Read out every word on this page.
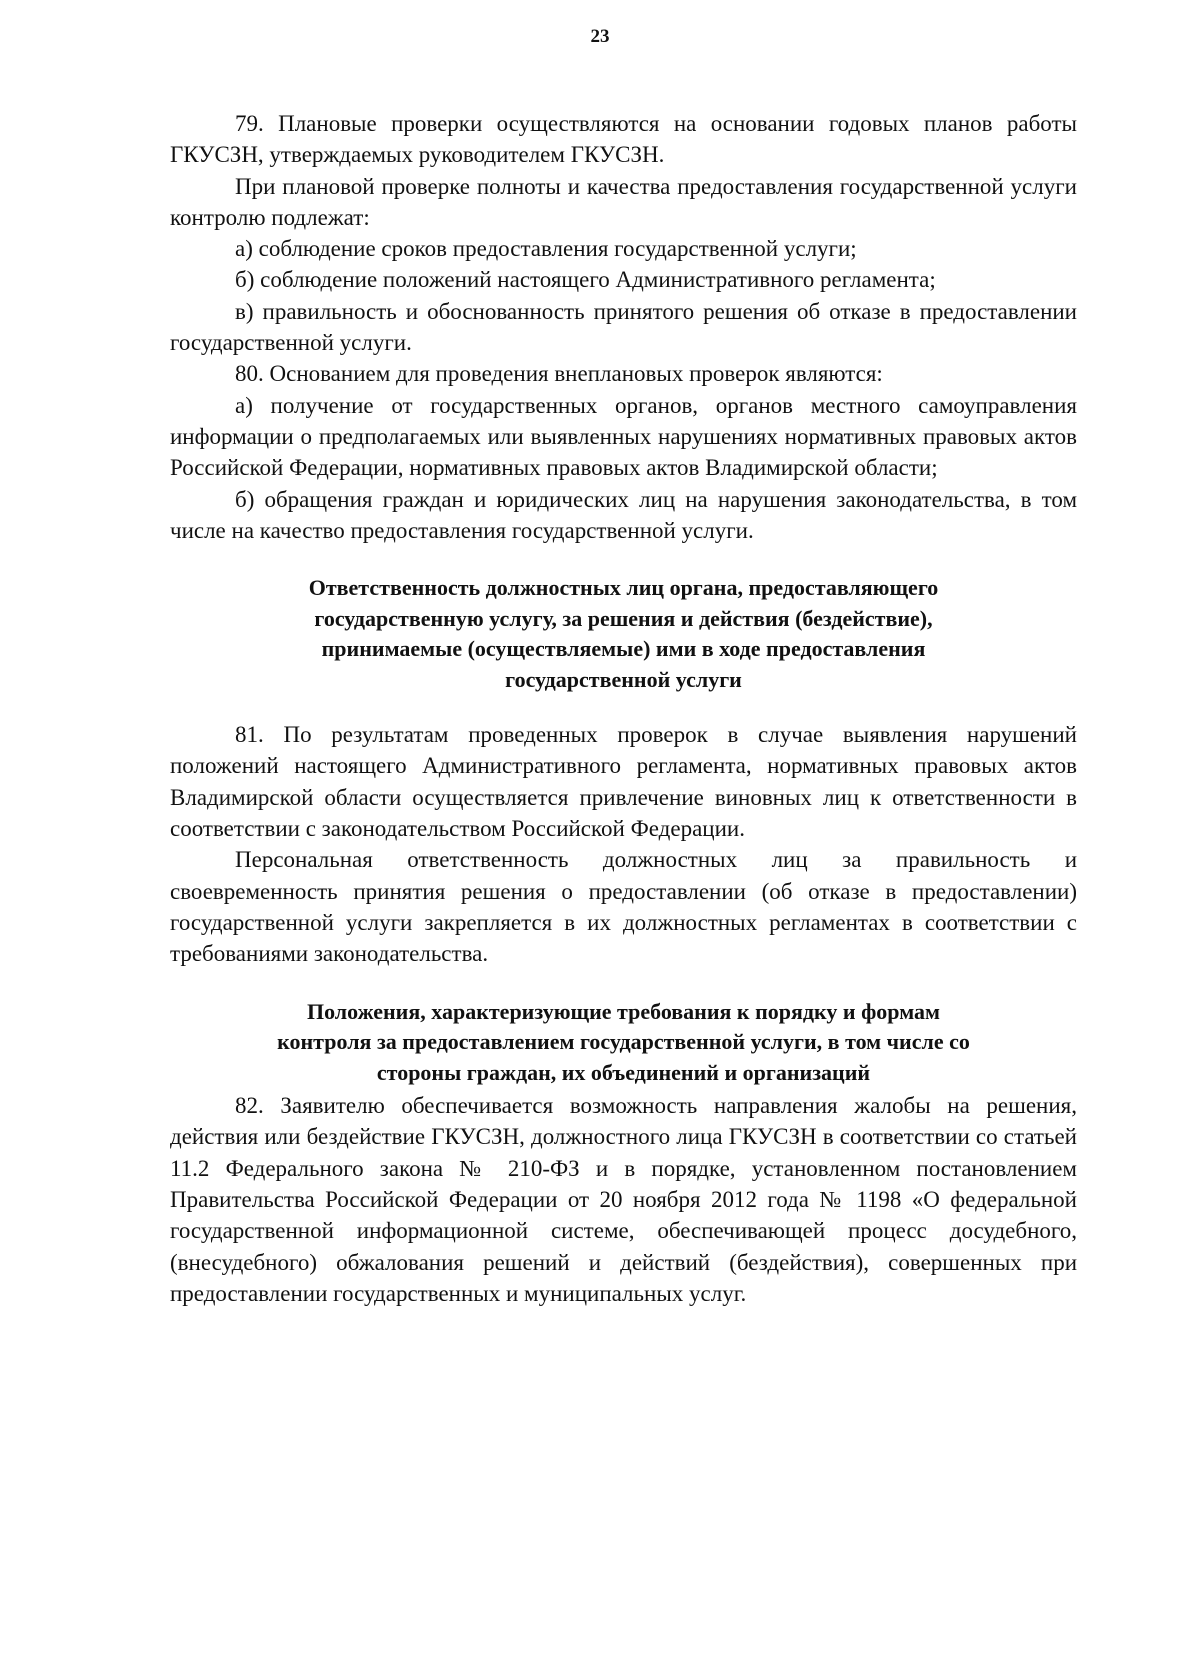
23

79. Плановые проверки осуществляются на основании годовых планов работы ГКУСЗН, утверждаемых руководителем ГКУСЗН.

При плановой проверке полноты и качества предоставления государственной услуги контролю подлежат:

а) соблюдение сроков предоставления государственной услуги;

б) соблюдение положений настоящего Административного регламента;

в) правильность и обоснованность принятого решения об отказе в предоставлении государственной услуги.

80. Основанием для проведения внеплановых проверок являются:

а) получение от государственных органов, органов местного самоуправления информации о предполагаемых или выявленных нарушениях нормативных правовых актов Российской Федерации, нормативных правовых актов Владимирской области;

б) обращения граждан и юридических лиц на нарушения законодательства, в том числе на качество предоставления государственной услуги.

Ответственность должностных лиц органа, предоставляющего
государственную услугу, за решения и действия (бездействие),
принимаемые (осуществляемые) ими в ходе предоставления
государственной услуги

81. По результатам проведенных проверок в случае выявления нарушений положений настоящего Административного регламента, нормативных правовых актов Владимирской области осуществляется привлечение виновных лиц к ответственности в соответствии с законодательством Российской Федерации.

Персональная ответственность должностных лиц за правильность и своевременность принятия решения о предоставлении (об отказе в предоставлении) государственной услуги закрепляется в их должностных регламентах в соответствии с требованиями законодательства.

Положения, характеризующие требования к порядку и формам
контроля за предоставлением государственной услуги, в том числе со
стороны граждан, их объединений и организаций

82. Заявителю обеспечивается возможность направления жалобы на решения, действия или бездействие ГКУСЗН, должностного лица ГКУСЗН в соответствии со статьей 11.2 Федерального закона № 210-ФЗ и в порядке, установленном постановлением Правительства Российской Федерации от 20 ноября 2012 года № 1198 «О федеральной государственной информационной системе, обеспечивающей процесс досудебного, (внесудебного) обжалования решений и действий (бездействия), совершенных при предоставлении государственных и муниципальных услуг.
